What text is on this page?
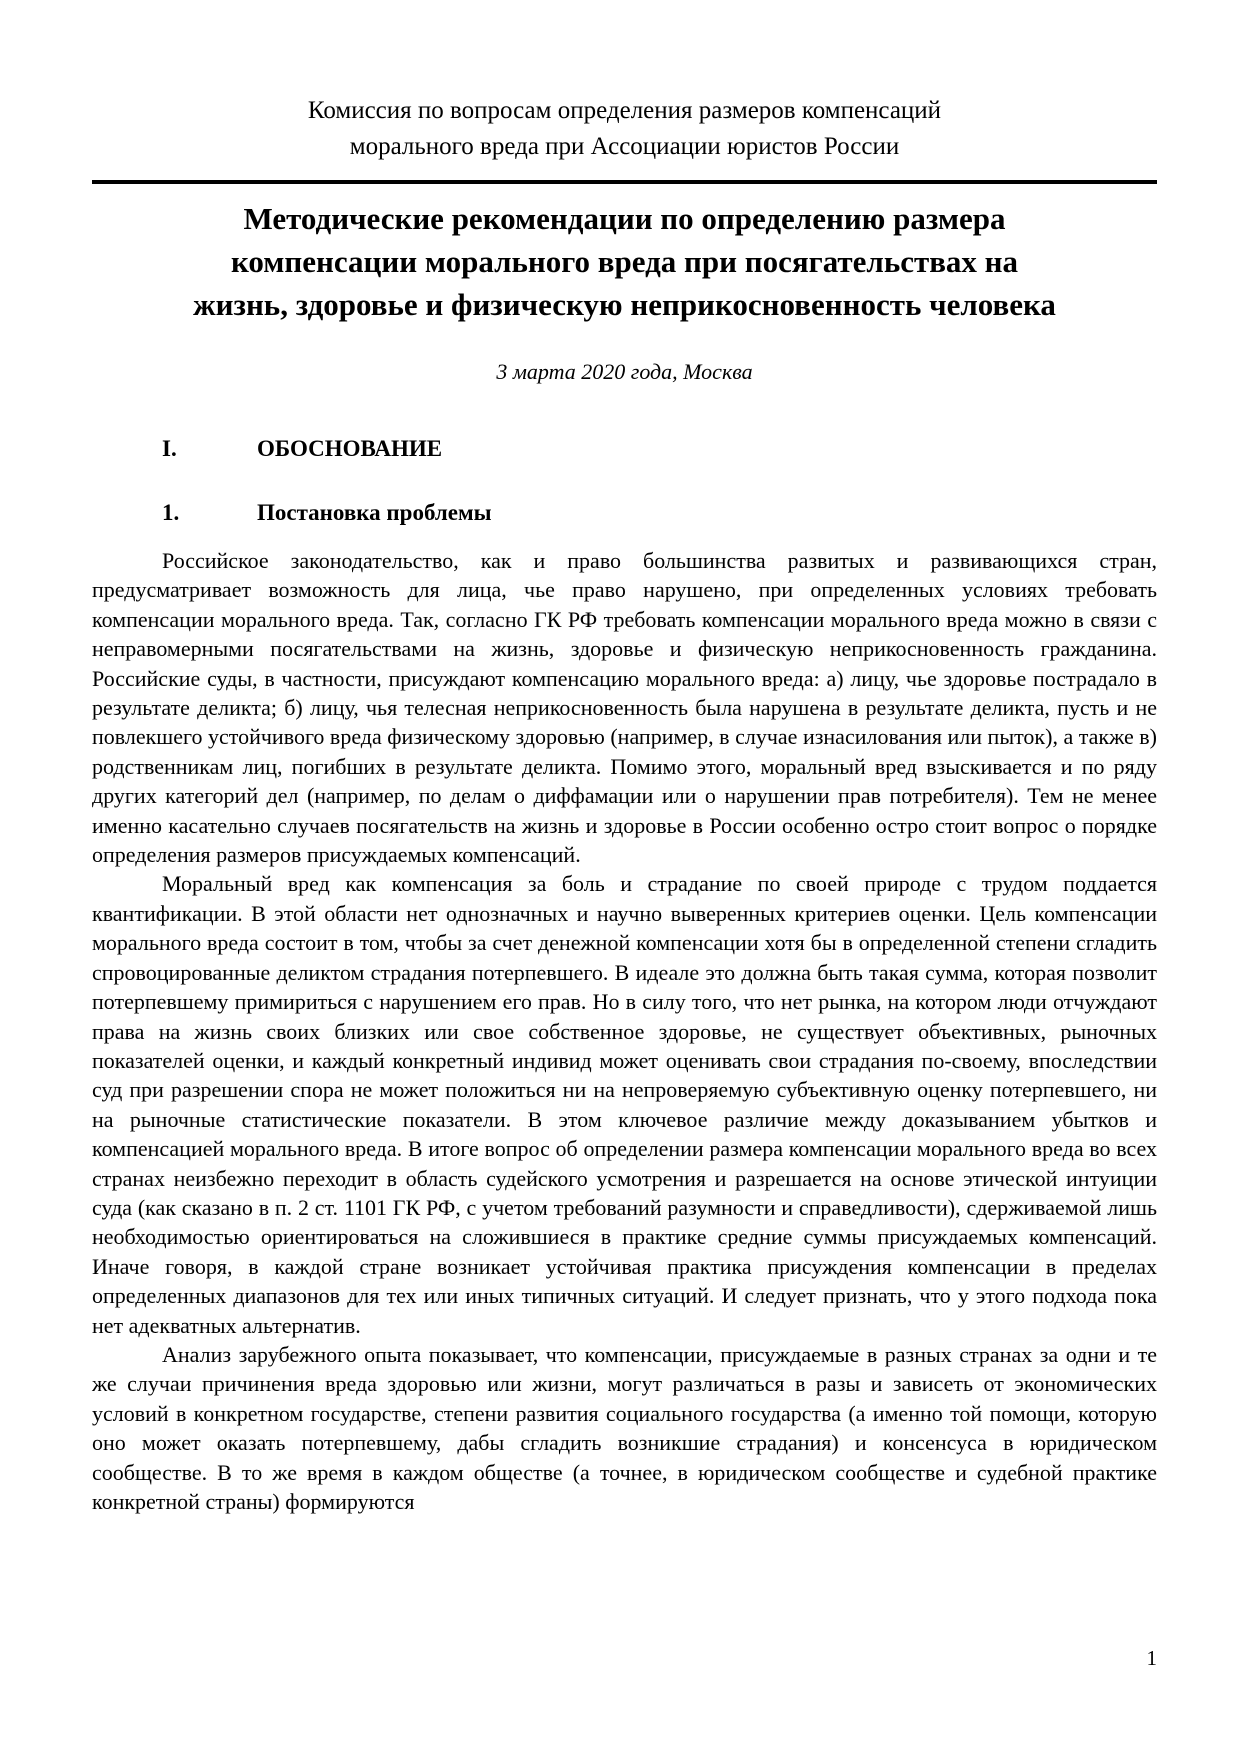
Комиссия по вопросам определения размеров компенсаций
морального вреда при Ассоциации юристов России
Методические рекомендации по определению размера
компенсации морального вреда при посягательствах на
жизнь, здоровье и физическую неприкосновенность человека
3 марта 2020 года, Москва
I.	ОБОСНОВАНИЕ
1.	Постановка проблемы

Российское законодательство, как и право большинства развитых и развивающихся стран, предусматривает возможность для лица, чье право нарушено, при определенных условиях требовать компенсации морального вреда. Так, согласно ГК РФ требовать компенсации морального вреда можно в связи с неправомерными посягательствами на жизнь, здоровье и физическую неприкосновенность гражданина. Российские суды, в частности, присуждают компенсацию морального вреда: а) лицу, чье здоровье пострадало в результате деликта; б) лицу, чья телесная неприкосновенность была нарушена в результате деликта, пусть и не повлекшего устойчивого вреда физическому здоровью (например, в случае изнасилования или пыток), а также в) родственникам лиц, погибших в результате деликта. Помимо этого, моральный вред взыскивается и по ряду других категорий дел (например, по делам о диффамации или о нарушении прав потребителя). Тем не менее именно касательно случаев посягательств на жизнь и здоровье в России особенно остро стоит вопрос о порядке определения размеров присуждаемых компенсаций.

Моральный вред как компенсация за боль и страдание по своей природе с трудом поддается квантификации. В этой области нет однозначных и научно выверенных критериев оценки. Цель компенсации морального вреда состоит в том, чтобы за счет денежной компенсации хотя бы в определенной степени сгладить спровоцированные деликтом страдания потерпевшего. В идеале это должна быть такая сумма, которая позволит потерпевшему примириться с нарушением его прав. Но в силу того, что нет рынка, на котором люди отчуждают права на жизнь своих близких или свое собственное здоровье, не существует объективных, рыночных показателей оценки, и каждый конкретный индивид может оценивать свои страдания по-своему, впоследствии суд при разрешении спора не может положиться ни на непроверяемую субъективную оценку потерпевшего, ни на рыночные статистические показатели. В этом ключевое различие между доказыванием убытков и компенсацией морального вреда. В итоге вопрос об определении размера компенсации морального вреда во всех странах неизбежно переходит в область судейского усмотрения и разрешается на основе этической интуиции суда (как сказано в п. 2 ст. 1101 ГК РФ, с учетом требований разумности и справедливости), сдерживаемой лишь необходимостью ориентироваться на сложившиеся в практике средние суммы присуждаемых компенсаций. Иначе говоря, в каждой стране возникает устойчивая практика присуждения компенсации в пределах определенных диапазонов для тех или иных типичных ситуаций. И следует признать, что у этого подхода пока нет адекватных альтернатив.

Анализ зарубежного опыта показывает, что компенсации, присуждаемые в разных странах за одни и те же случаи причинения вреда здоровью или жизни, могут различаться в разы и зависеть от экономических условий в конкретном государстве, степени развития социального государства (а именно той помощи, которую оно может оказать потерпевшему, дабы сгладить возникшие страдания) и консенсуса в юридическом сообществе. В то же время в каждом обществе (а точнее, в юридическом сообществе и судебной практике конкретной страны) формируются

1
